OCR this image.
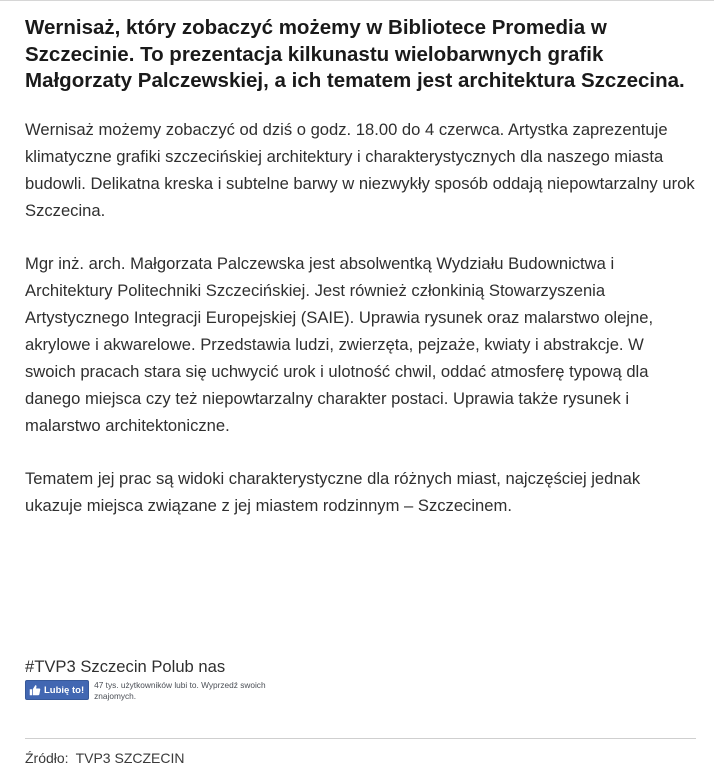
Wernisaż, który zobaczyć możemy w Bibliotece Promedia w Szczecinie. To prezentacja kilkunastu wielobarwnych grafik Małgorzaty Palczewskiej, a ich tematem jest architektura Szczecina.

Wernisaż możemy zobaczyć od dziś o godz. 18.00 do 4 czerwca. Artystka zaprezentuje klimatyczne grafiki szczecińskiej architektury i charakterystycznych dla naszego miasta budowli. Delikatna kreska i subtelne barwy w niezwykły sposób oddają niepowtarzalny urok Szczecina.

Mgr inż. arch. Małgorzata Palczewska jest absolwentką Wydziału Budownictwa i Architektury Politechniki Szczecińskiej. Jest również członkinią Stowarzyszenia Artystycznego Integracji Europejskiej (SAIE). Uprawia rysunek oraz malarstwo olejne, akrylowe i akwarelowe. Przedstawia ludzi, zwierzęta, pejzaże, kwiaty i abstrakcje. W swoich pracach stara się uchwycić urok i ulotność chwil, oddać atmosferę typową dla danego miejsca czy też niepowtarzalny charakter postaci. Uprawia także rysunek i malarstwo architektoniczne.

Tematem jej prac są widoki charakterystyczne dla różnych miast, najczęściej jednak ukazuje miejsca związane z jej miastem rodzinnym – Szczecinem.

#TVP3 Szczecin Polub nas
Lubię to! 47 tys. użytkowników lubi to. Wyprzedź swoich znajomych.
Źródło: TVP3 SZCZECIN
